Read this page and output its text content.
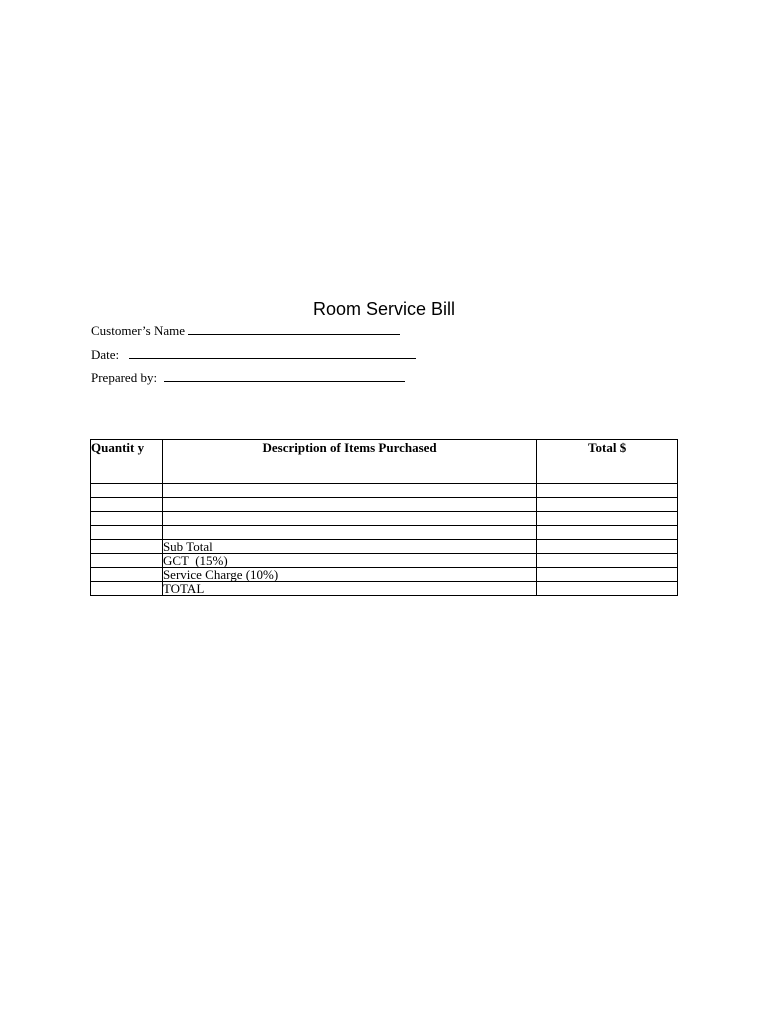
Room Service Bill
Customer’s Name
Date:
Prepared by:
Quantit y	Description of Items Purchased	Total $

	Sub Total	
	GCT  (15%)	
	Service Charge (10%)	
	TOTAL	
